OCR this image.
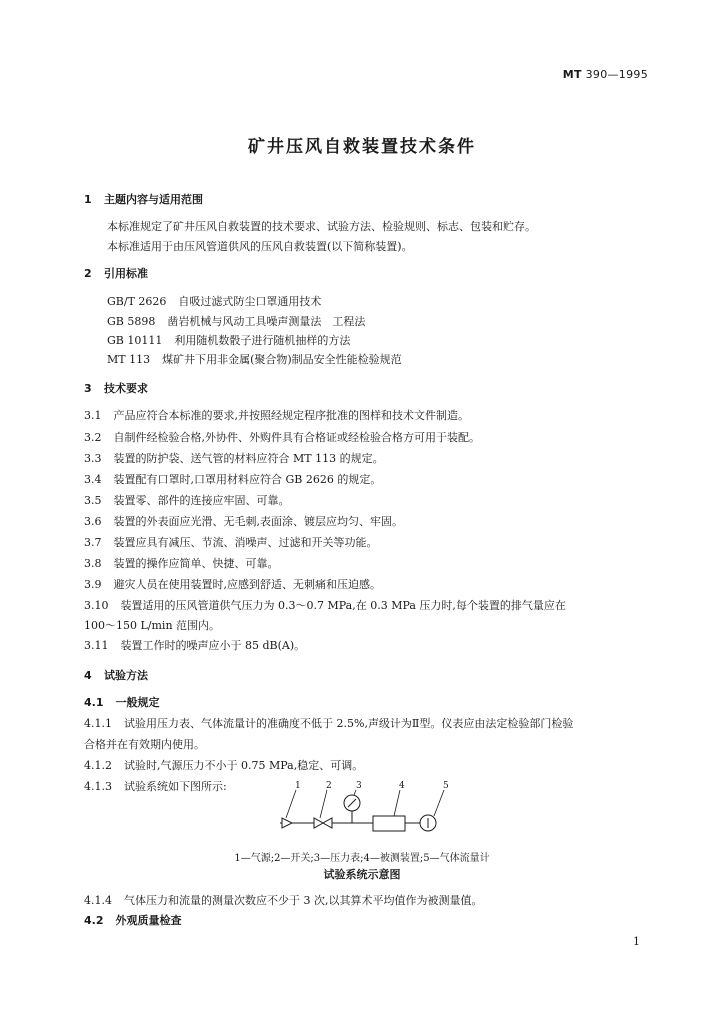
MT 390—1995
矿井压风自救装置技术条件
1 主题内容与适用范围
本标准规定了矿井压风自救装置的技术要求、试验方法、检验规则、标志、包装和贮存。
本标准适用于由压风管道供风的压风自救装置(以下简称装置)。
2 引用标准
GB/T 2626 自吸过滤式防尘口罩通用技术
GB 5898 凿岩机械与风动工具噪声测量法　工程法
GB 10111 利用随机数骰子进行随机抽样的方法
MT 113 煤矿井下用非金属(聚合物)制品安全性能检验规范
3 技术要求
3.1 产品应符合本标准的要求,并按照经规定程序批准的图样和技术文件制造。
3.2 自制件经检验合格,外协件、外购件具有合格证或经检验合格方可用于装配。
3.3 装置的防护袋、送气管的材料应符合 MT 113 的规定。
3.4 装置配有口罩时,口罩用材料应符合 GB 2626 的规定。
3.5 装置零、部件的连接应牢固、可靠。
3.6 装置的外表面应光滑、无毛刺,表面涂、镀层应均匀、牢固。
3.7 装置应具有减压、节流、消噪声、过滤和开关等功能。
3.8 装置的操作应简单、快捷、可靠。
3.9 避灾人员在使用装置时,应感到舒适、无刺痛和压迫感。
3.10 装置适用的压风管道供气压力为 0.3～0.7 MPa,在 0.3 MPa 压力时,每个装置的排气量应在
100～150 L/min 范围内。
3.11 装置工作时的噪声应小于 85 dB(A)。
4 试验方法
4.1 一般规定
4.1.1 试验用压力表、气体流量计的准确度不低于 2.5%,声级计为Ⅱ型。仪表应由法定检验部门检验
合格并在有效期内使用。
4.1.2 试验时,气源压力不小于 0.75 MPa,稳定、可调。
4.1.3 试验系统如下图所示:	1	2	3	4	5
1—气源;2—开关;3—压力表;4—被测装置;5—气体流量计
试验系统示意图
4.1.4 气体压力和流量的测量次数应不少于 3 次,以其算术平均值作为被测量值。
4.2 外观质量检查
1
